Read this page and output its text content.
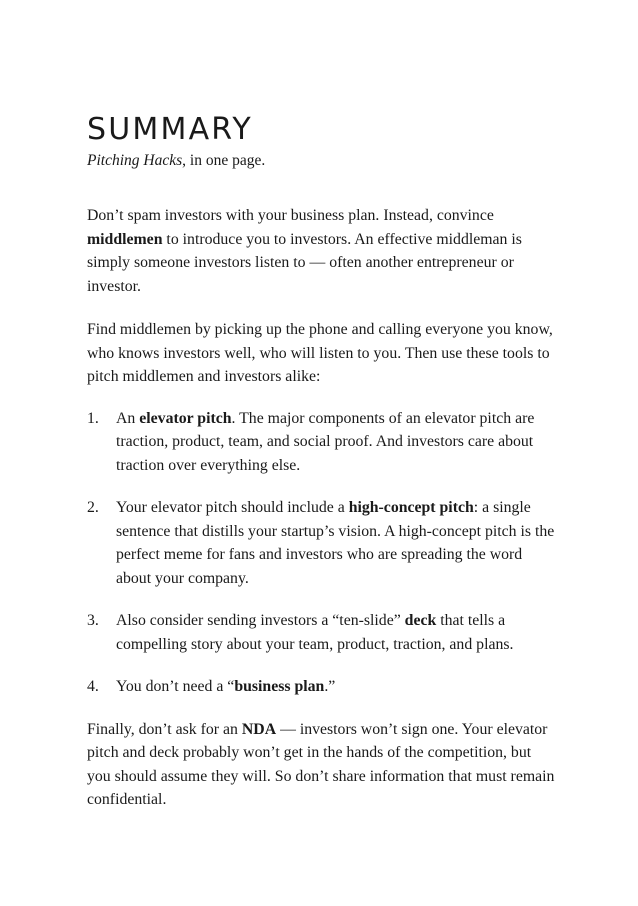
SUMMARY

Pitching Hacks, in one page.

Don’t spam investors with your business plan. Instead, convince middlemen to introduce you to investors. An effective middleman is simply someone investors listen to — often another entrepreneur or investor.

Find middlemen by picking up the phone and calling everyone you know, who knows investors well, who will listen to you. Then use these tools to pitch middlemen and investors alike:

1. An elevator pitch. The major components of an elevator pitch are traction, product, team, and social proof. And investors care about traction over everything else.

2. Your elevator pitch should include a high-concept pitch: a single sentence that distills your startup’s vision. A high-concept pitch is the perfect meme for fans and investors who are spreading the word about your company.

3. Also consider sending investors a “ten-slide” deck that tells a compelling story about your team, product, traction, and plans.

4. You don’t need a “business plan.”

Finally, don’t ask for an NDA — investors won’t sign one. Your elevator pitch and deck probably won’t get in the hands of the competition, but you should assume they will. So don’t share information that must remain confidential.
